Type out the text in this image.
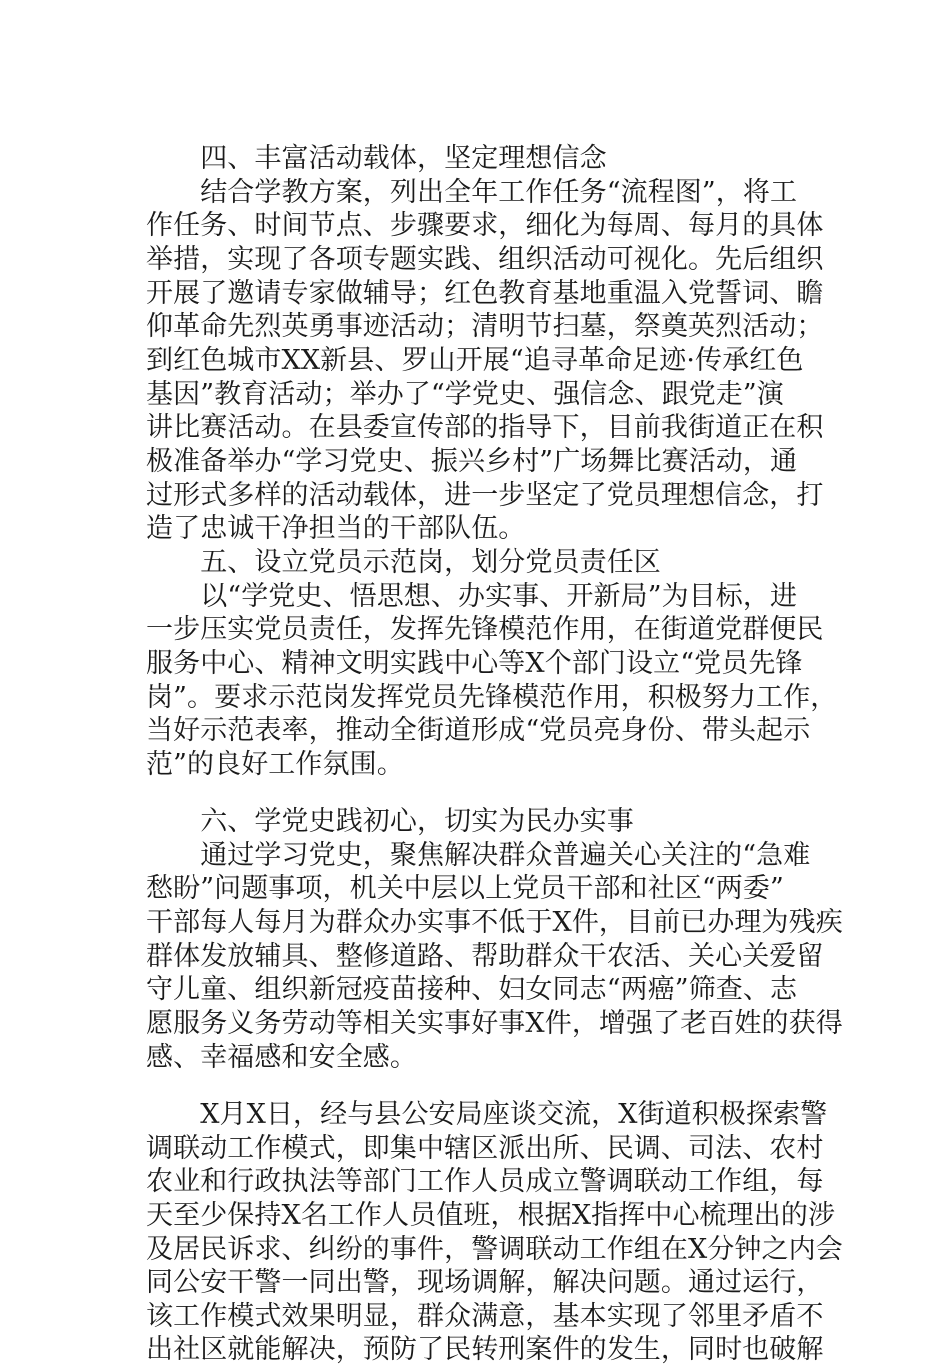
　　四、丰富活动载体，坚定理想信念
　　结合学教方案，列出全年工作任务“流程图”，将工
作任务、时间节点、步骤要求，细化为每周、每月的具体
举措，实现了各项专题实践、组织活动可视化。先后组织
开展了邀请专家做辅导；红色教育基地重温入党誓词、瞻
仰革命先烈英勇事迹活动；清明节扫墓，祭奠英烈活动；
到红色城市XX新县、罗山开展“追寻革命足迹·传承红色
基因”教育活动；举办了“学党史、强信念、跟党走”演
讲比赛活动。在县委宣传部的指导下，目前我街道正在积
极准备举办“学习党史、振兴乡村”广场舞比赛活动，通
过形式多样的活动载体，进一步坚定了党员理想信念，打
造了忠诚干净担当的干部队伍。
　　五、设立党员示范岗，划分党员责任区
　　以“学党史、悟思想、办实事、开新局”为目标，进
一步压实党员责任，发挥先锋模范作用，在街道党群便民
服务中心、精神文明实践中心等X个部门设立“党员先锋
岗”。要求示范岗发挥党员先锋模范作用，积极努力工作，
当好示范表率，推动全街道形成“党员亮身份、带头起示
范”的良好工作氛围。
　　六、学党史践初心，切实为民办实事
　　通过学习党史，聚焦解决群众普遍关心关注的“急难
愁盼”问题事项，机关中层以上党员干部和社区“两委”
干部每人每月为群众办实事不低于X件，目前已办理为残疾
群体发放辅具、整修道路、帮助群众干农活、关心关爱留
守儿童、组织新冠疫苗接种、妇女同志“两癌”筛查、志
愿服务义务劳动等相关实事好事X件，增强了老百姓的获得
感、幸福感和安全感。
　　X月X日，经与县公安局座谈交流，X街道积极探索警
调联动工作模式，即集中辖区派出所、民调、司法、农村
农业和行政执法等部门工作人员成立警调联动工作组，每
天至少保持X名工作人员值班，根据X指挥中心梳理出的涉
及居民诉求、纠纷的事件，警调联动工作组在X分钟之内会
同公安干警一同出警，现场调解，解决问题。通过运行，
该工作模式效果明显，群众满意，基本实现了邻里矛盾不
出社区就能解决，预防了民转刑案件的发生，同时也破解
